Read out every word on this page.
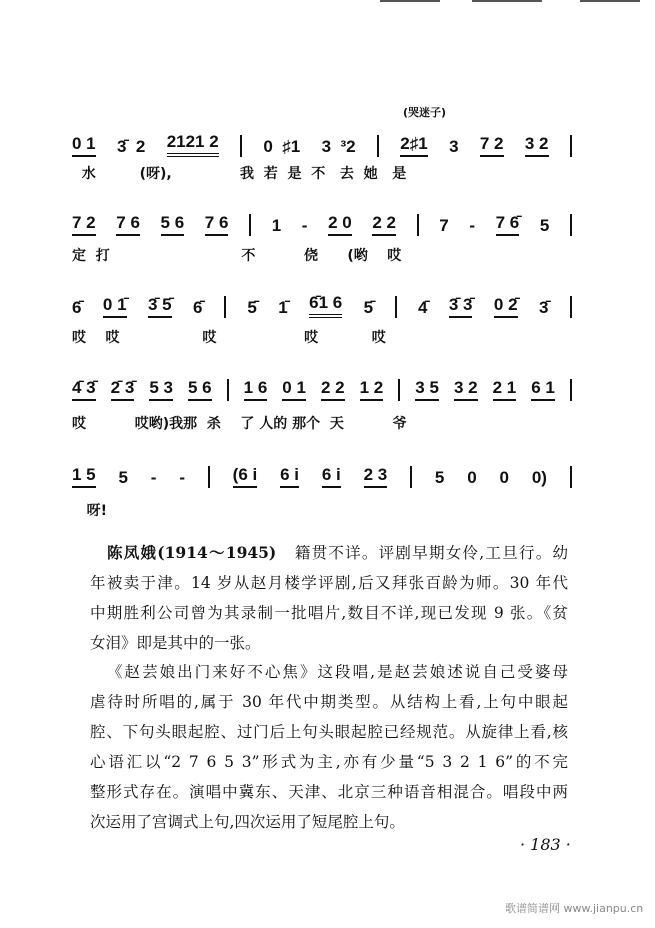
(哭迷子)
0 1 3̄  2 2121 2	0  ♯1 3  ³2	2♯1 3 7 2 3 2
水         (呀),              我  若  是  不   去  她   是
7 2 7 6 5 6 7 6	1 - 2 0 2 2	7 - 7 6̄ 5
定  打                           不          侥      (哟    哎
6̄ 0 1̄ 3̄ 5̄ 6̄	5̄ 1̄ 6̄1 6 5̄	4̄ 3̄ 3̄ 0 2̄ 3̄
哎    哎                 哎                  哎           哎
4̄ 3̄ 2̄ 3̄ 5 3 5 6 1 6 0 1 2 2 1 2 3 5 3 2 2 1 6 1
哎          哎哟)我那  杀    了 人的 那个  天          爷
1 5 5 - -	(6 i 6 i 6 i 2 3	5 0 0 0)
呀!
陈凤娥(1914～1945) 籍贯不详。评剧早期女伶,工旦行。幼
年被卖于津。14 岁从赵月楼学评剧,后又拜张百龄为师。30 年代
中期胜利公司曾为其录制一批唱片,数目不详,现已发现 9 张。《贫
女泪》即是其中的一张。
《赵芸娘出门来好不心焦》这段唱,是赵芸娘述说自己受婆母
虐待时所唱的,属于 30 年代中期类型。从结构上看,上句中眼起
腔、下句头眼起腔、过门后上句头眼起腔已经规范。从旋律上看,核
心语汇以“2 7 6 5 3”形式为主,亦有少量“5 3 2 1 6”的不完
整形式存在。演唱中冀东、天津、北京三种语音相混合。唱段中两
次运用了宫调式上句,四次运用了短尾腔上句。
· 183 ·
歌谱简谱网 www.jianpu.cn
